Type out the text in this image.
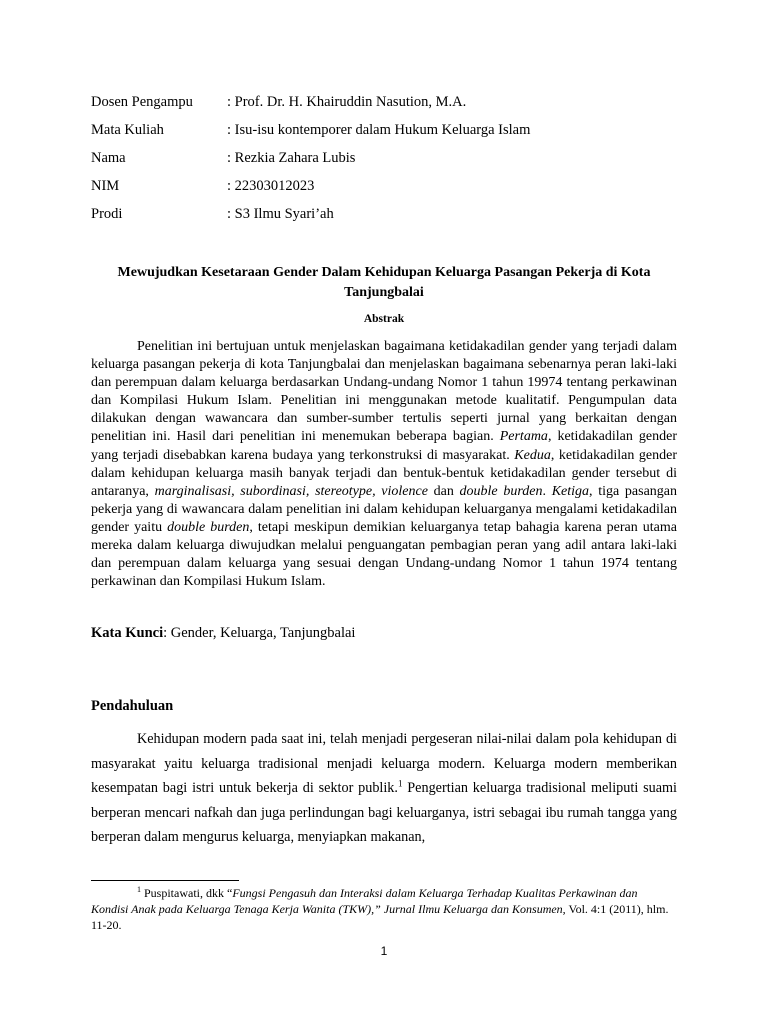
Dosen Pengampu : Prof. Dr. H. Khairuddin Nasution, M.A.
Mata Kuliah	: Isu-isu kontemporer dalam Hukum Keluarga Islam
Nama	: Rezkia Zahara Lubis
NIM	: 22303012023
Prodi	: S3 Ilmu Syari’ah
Mewujudkan Kesetaraan Gender Dalam Kehidupan Keluarga Pasangan Pekerja di Kota Tanjungbalai
Abstrak

Penelitian ini bertujuan untuk menjelaskan bagaimana ketidakadilan gender yang terjadi dalam keluarga pasangan pekerja di kota Tanjungbalai dan menjelaskan bagaimana sebenarnya peran laki-laki dan perempuan dalam keluarga berdasarkan Undang-undang Nomor 1 tahun 19974 tentang perkawinan dan Kompilasi Hukum Islam. Penelitian ini menggunakan metode kualitatif. Pengumpulan data dilakukan dengan wawancara dan sumber-sumber tertulis seperti jurnal yang berkaitan dengan penelitian ini. Hasil dari penelitian ini menemukan beberapa bagian. Pertama, ketidakadilan gender yang terjadi disebabkan karena budaya yang terkonstruksi di masyarakat. Kedua, ketidakadilan gender dalam kehidupan keluarga masih banyak terjadi dan bentuk-bentuk ketidakadilan gender tersebut di antaranya, marginalisasi, subordinasi, stereotype, violence dan double burden. Ketiga, tiga pasangan pekerja yang di wawancara dalam penelitian ini dalam kehidupan keluarganya mengalami ketidakadilan gender yaitu double burden, tetapi meskipun demikian keluarganya tetap bahagia karena peran utama mereka dalam keluarga diwujudkan melalui penguangatan pembagian peran yang adil antara laki-laki dan perempuan dalam keluarga yang sesuai dengan Undang-undang Nomor 1 tahun 1974 tentang perkawinan dan Kompilasi Hukum Islam.

Kata Kunci: Gender, Keluarga, Tanjungbalai
Pendahuluan

Kehidupan modern pada saat ini, telah menjadi pergeseran nilai-nilai dalam pola kehidupan di masyarakat yaitu keluarga tradisional menjadi keluarga modern. Keluarga modern memberikan kesempatan bagi istri untuk bekerja di sektor publik.$^1$ Pengertian keluarga tradisional meliputi suami berperan mencari nafkah dan juga perlindungan bagi keluarganya, istri sebagai ibu rumah tangga yang berperan dalam mengurus keluarga, menyiapkan makanan,

$^1$ Puspitawati, dkk “Fungsi Pengasuh dan Interaksi dalam Keluarga Terhadap Kualitas Perkawinan dan Kondisi Anak pada Keluarga Tenaga Kerja Wanita (TKW),” Jurnal Ilmu Keluarga dan Konsumen, Vol. 4:1 (2011), hlm. 11-20.

1
